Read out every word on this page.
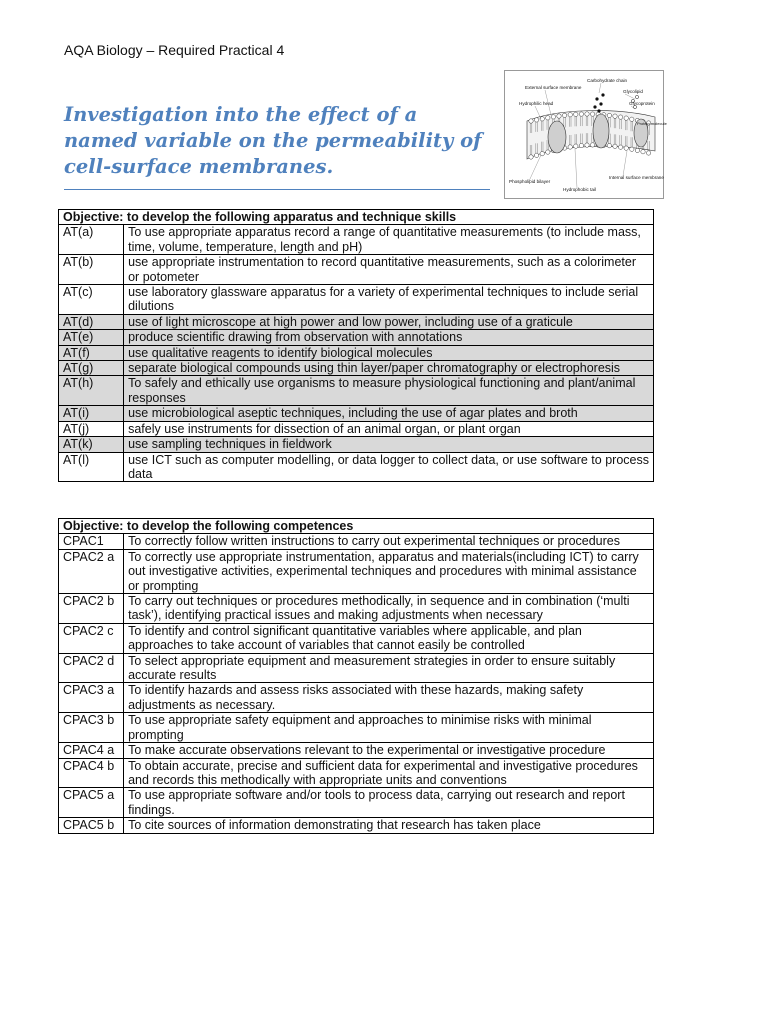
AQA Biology – Required Practical 4
Investigation into the effect of a named variable on the permeability of cell-surface membranes.
Carbohydrate chain
External surface membrane
Glycolipid
Hydrophilic head	Glycoprotein
Protein molecule
Phospholipid bilayer
Hydrophobic tail
Internal surface membrane
Objective: to develop the following apparatus and technique skills	
AT(a)	To use appropriate apparatus record a range of quantitative measurements (to include mass, time, volume, temperature, length and pH)
AT(b)	use appropriate instrumentation to record quantitative measurements, such as a colorimeter or potometer
AT(c)	use laboratory glassware apparatus for a variety of experimental techniques to include serial dilutions
AT(d)	use of light microscope at high power and low power, including use of a graticule
AT(e)	produce scientific drawing from observation with annotations
AT(f)	use qualitative reagents to identify biological molecules
AT(g)	separate biological compounds using thin layer/paper chromatography or electrophoresis
AT(h)	To safely and ethically use organisms to measure physiological functioning and plant/animal responses
AT(i)	use microbiological aseptic techniques, including the use of agar plates and broth
AT(j)	safely use instruments for dissection of an animal organ, or plant organ
AT(k)	use sampling techniques in fieldwork
AT(l)	use ICT such as computer modelling, or data logger to collect data, or use software to process data
Objective: to develop the following competences	
CPAC1	To correctly follow written instructions to carry out experimental techniques or procedures
CPAC2 a	To correctly use appropriate instrumentation, apparatus and materials(including ICT) to carry out investigative activities, experimental techniques and procedures with minimal assistance or prompting
CPAC2 b	To carry out techniques or procedures methodically, in sequence and in combination (‘multi task’), identifying practical issues and making adjustments when necessary
CPAC2 c	To identify and control significant quantitative variables where applicable, and plan approaches to take account of variables that cannot easily be controlled
CPAC2 d	To select appropriate equipment and measurement strategies in order to ensure suitably accurate results
CPAC3 a	To identify hazards and assess risks associated with these hazards, making safety adjustments as necessary.
CPAC3 b	To use appropriate safety equipment and approaches to minimise risks with minimal prompting
CPAC4 a	To make accurate observations relevant to the experimental or investigative procedure
CPAC4 b	To obtain accurate, precise and sufficient data for experimental and investigative procedures and records this methodically with appropriate units and conventions
CPAC5 a	To use appropriate software and/or tools to process data, carrying out research and report findings.
CPAC5 b	To cite sources of information demonstrating that research has taken place
